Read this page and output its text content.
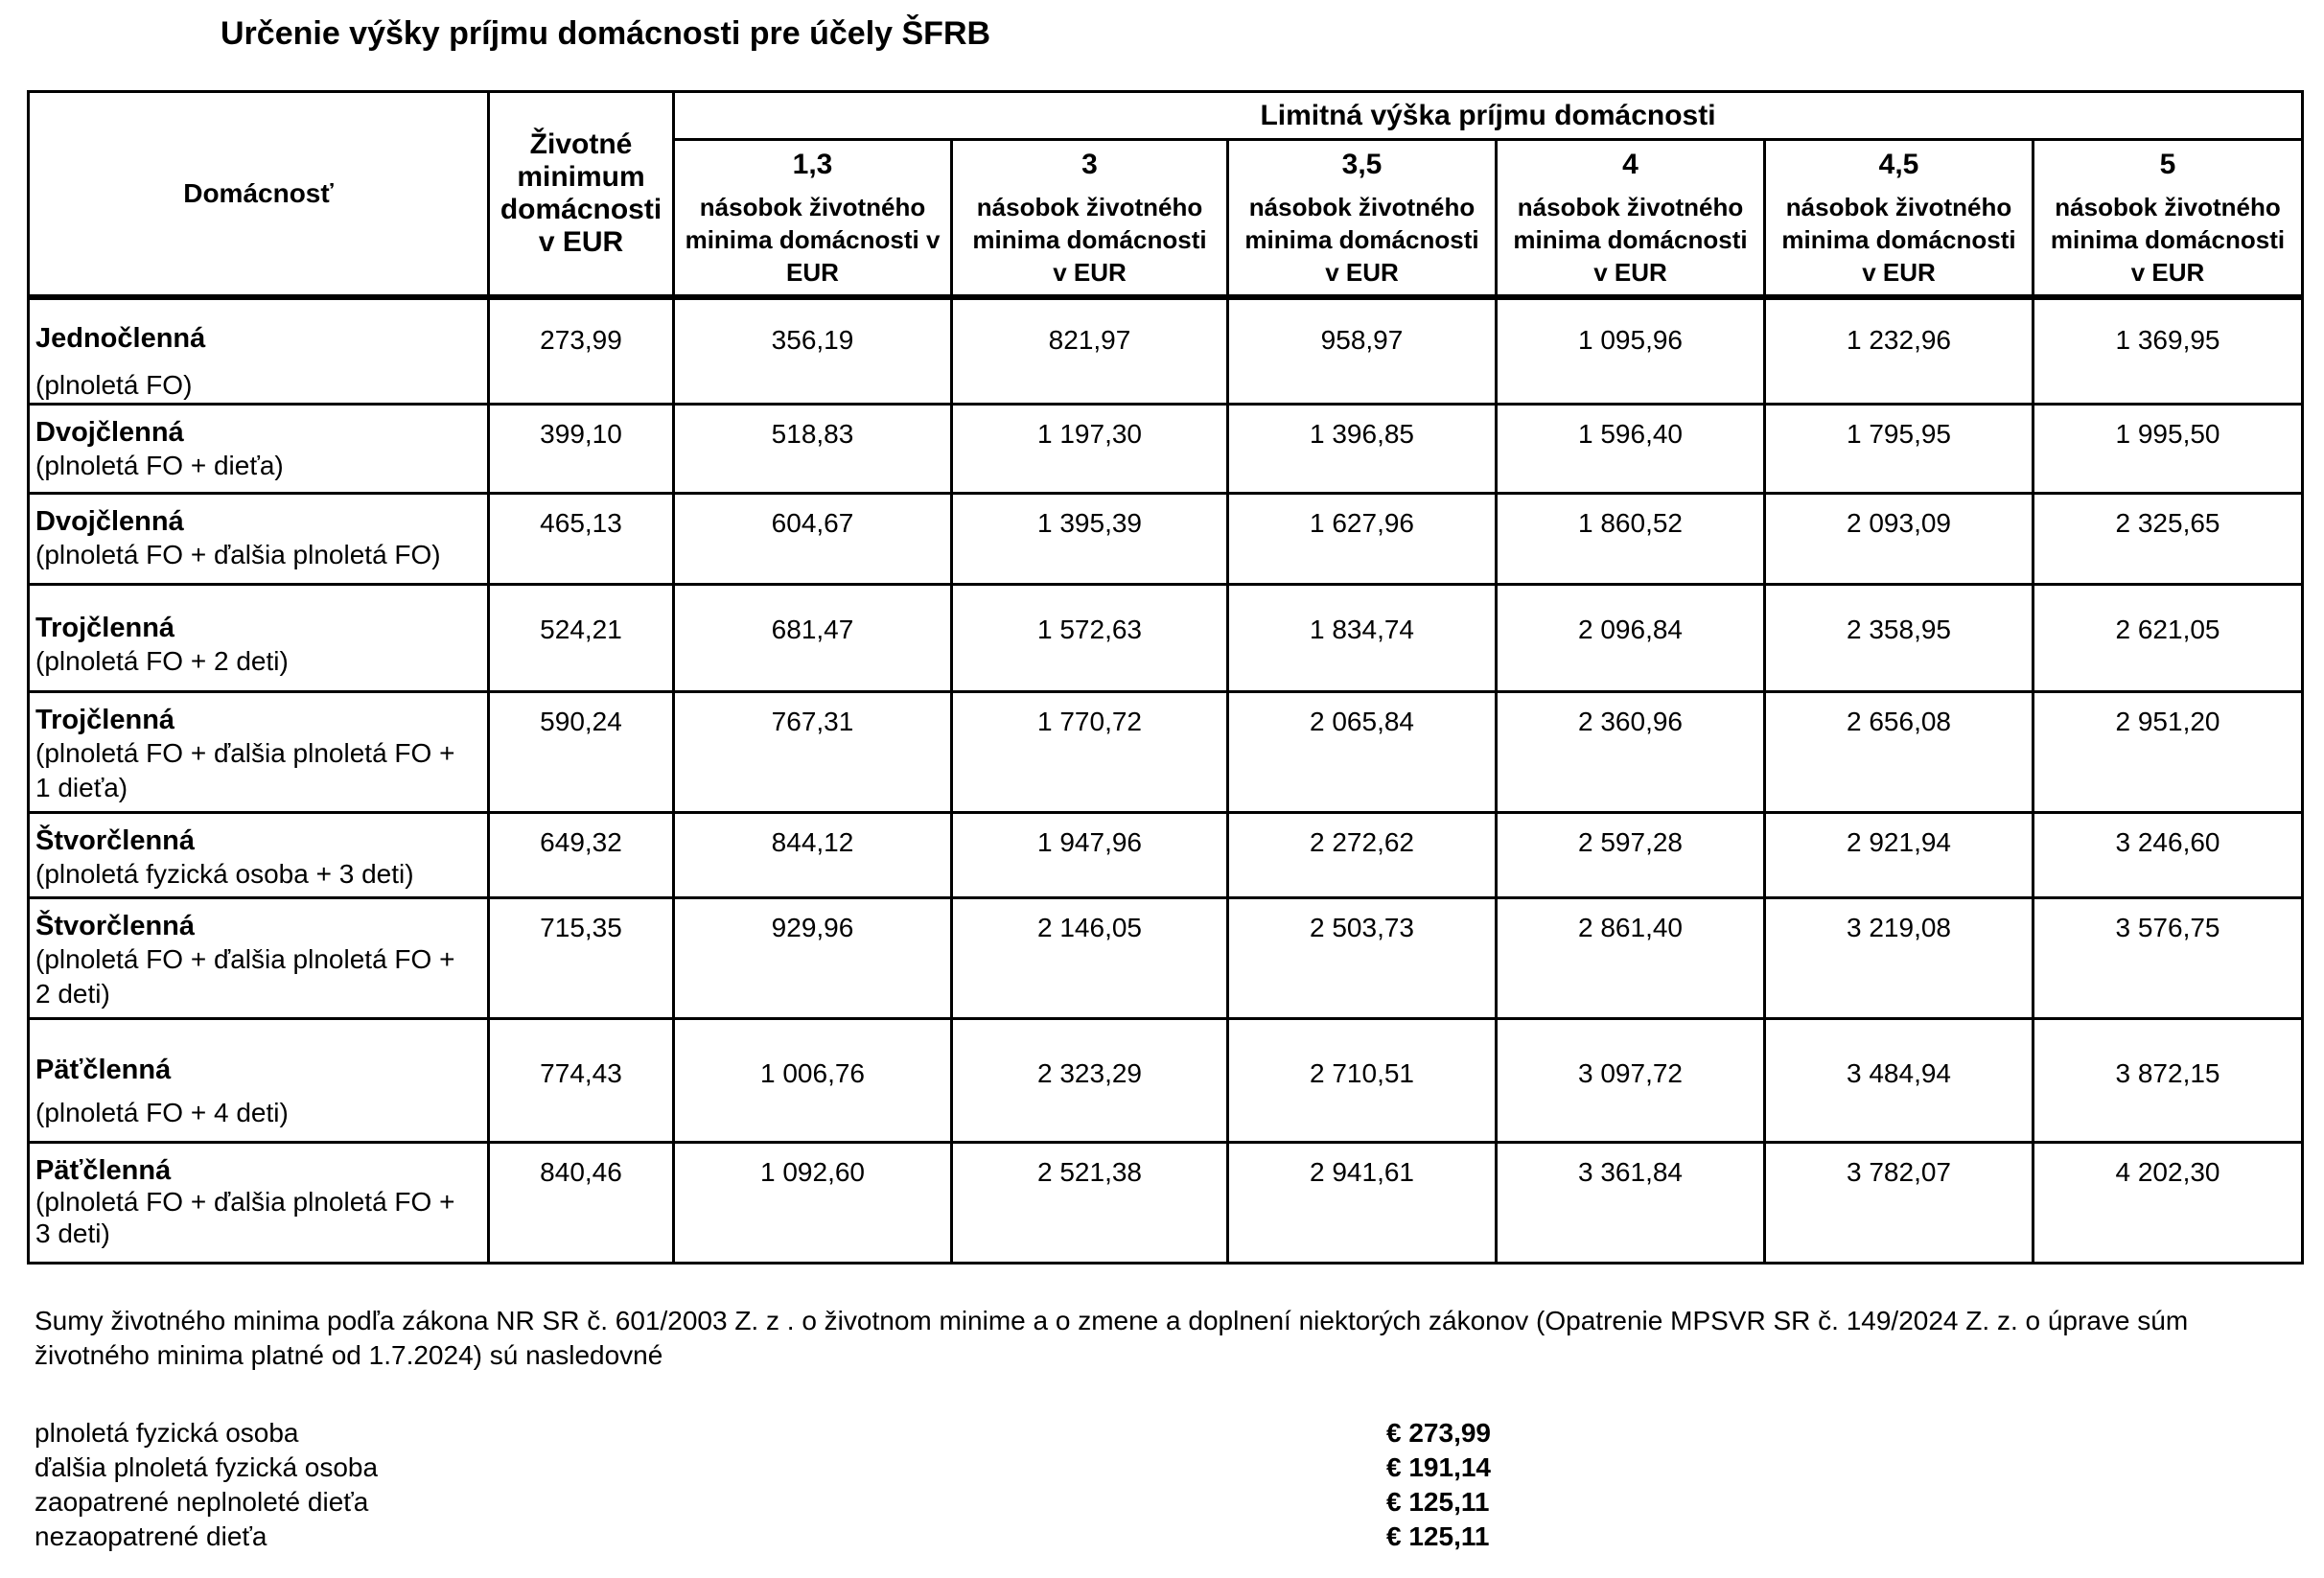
Určenie výšky príjmu domácnosti pre účely ŠFRB
Domácnosť	Životné
minimum
domácnosti
v EUR	Limitná výška príjmu domácnosti					

		1,3
násobok životného
minima domácnosti v
EUR	3
násobok životného
minima domácnosti
v EUR	3,5
násobok životného
minima domácnosti
v EUR	4
násobok životného
minima domácnosti
v EUR	4,5
násobok životného
minima domácnosti
v EUR	5
násobok životného
minima domácnosti
v EUR

Jednočlenná
(plnoletá FO)	273,99	356,19	821,97	958,97	1 095,96	1 232,96	1 369,95

Dvojčlenná
(plnoletá FO + dieťa)	399,10	518,83	1 197,30	1 396,85	1 596,40	1 795,95	1 995,50

Dvojčlenná
(plnoletá FO + ďalšia plnoletá FO)	465,13	604,67	1 395,39	1 627,96	1 860,52	2 093,09	2 325,65

Trojčlenná
(plnoletá FO + 2 deti)	524,21	681,47	1 572,63	1 834,74	2 096,84	2 358,95	2 621,05

Trojčlenná
(plnoletá FO + ďalšia plnoletá FO +
1 dieťa)	590,24	767,31	1 770,72	2 065,84	2 360,96	2 656,08	2 951,20

Štvorčlenná
(plnoletá fyzická osoba + 3 deti)	649,32	844,12	1 947,96	2 272,62	2 597,28	2 921,94	3 246,60

Štvorčlenná
(plnoletá FO + ďalšia plnoletá FO +
2 deti)	715,35	929,96	2 146,05	2 503,73	2 861,40	3 219,08	3 576,75

Päťčlenná
(plnoletá FO + 4 deti)	774,43	1 006,76	2 323,29	2 710,51	3 097,72	3 484,94	3 872,15

Päťčlenná
(plnoletá FO + ďalšia plnoletá FO +
3 deti)	840,46	1 092,60	2 521,38	2 941,61	3 361,84	3 782,07	4 202,30
Sumy životného minima podľa zákona NR SR č. 601/2003 Z. z . o životnom minime a o zmene a doplnení niektorých zákonov (Opatrenie MPSVR SR č. 149/2024 Z. z. o úprave súm životného minima platné od 1.7.2024) sú nasledovné
plnoletá fyzická osoba	€ 273,99
ďalšia plnoletá fyzická osoba	€ 191,14
zaopatrené neplnoleté dieťa	€ 125,11
nezaopatrené dieťa	€ 125,11
